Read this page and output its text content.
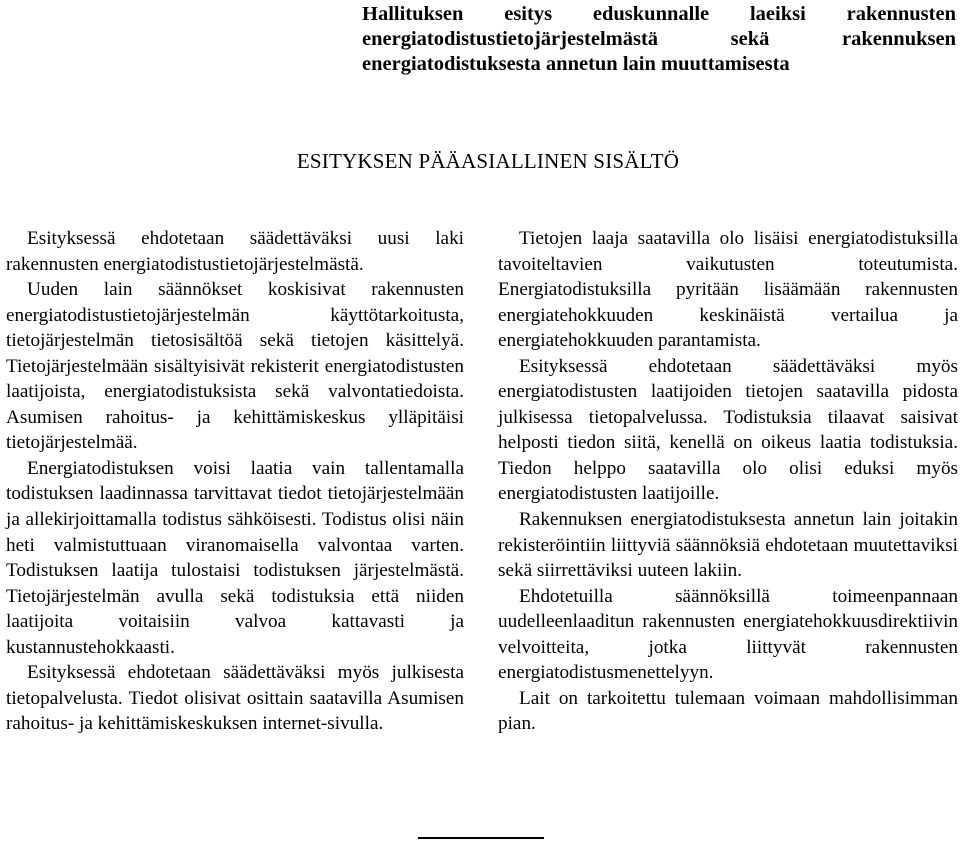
Hallituksen esitys eduskunnalle laeiksi rakennusten
energiatodistustietojärjestelmästä sekä rakennuksen
energiatodistuksesta annetun lain muuttamisesta
ESITYKSEN PÄÄASIALLINEN SISÄLTÖ

Esityksessä ehdotetaan säädettäväksi uusi laki rakennusten energiatodistustietojärjestelmästä.

Uuden lain säännökset koskisivat rakennusten energiatodistustietojärjestelmän käyttötarkoitusta, tietojärjestelmän tietosisältöä sekä tietojen käsittelyä. Tietojärjestelmään sisältyisivät rekisterit energiatodistusten laatijoista, energiatodistuksista sekä valvontatiedoista. Asumisen rahoitus- ja kehittämiskeskus ylläpitäisi tietojärjestelmää.

Energiatodistuksen voisi laatia vain tallentamalla todistuksen laadinnassa tarvittavat tiedot tietojärjestelmään ja allekirjoittamalla todistus sähköisesti. Todistus olisi näin heti valmistuttuaan viranomaisella valvontaa varten. Todistuksen laatija tulostaisi todistuksen järjestelmästä. Tietojärjestelmän avulla sekä todistuksia että niiden laatijoita voitaisiin valvoa kattavasti ja kustannustehokkaasti.

Esityksessä ehdotetaan säädettäväksi myös julkisesta tietopalvelusta. Tiedot olisivat osittain saatavilla Asumisen rahoitus- ja kehittämiskeskuksen internet-sivulla.

Tietojen laaja saatavilla olo lisäisi energiatodistuksilla tavoiteltavien vaikutusten toteutumista. Energiatodistuksilla pyritään lisäämään rakennusten energiatehokkuuden keskinäistä vertailua ja energiatehokkuuden parantamista.

Esityksessä ehdotetaan säädettäväksi myös energiatodistusten laatijoiden tietojen saatavilla pidosta julkisessa tietopalvelussa. Todistuksia tilaavat saisivat helposti tiedon siitä, kenellä on oikeus laatia todistuksia. Tiedon helppo saatavilla olo olisi eduksi myös energiatodistusten laatijoille.

Rakennuksen energiatodistuksesta annetun lain joitakin rekisteröintiin liittyviä säännöksiä ehdotetaan muutettaviksi sekä siirrettäviksi uuteen lakiin.

Ehdotetuilla säännöksillä toimeenpannaan uudelleenlaaditun rakennusten energiatehokkuusdirektiivin velvoitteita, jotka liittyvät rakennusten energiatodistusmenettelyyn.

Lait on tarkoitettu tulemaan voimaan mahdollisimman pian.
